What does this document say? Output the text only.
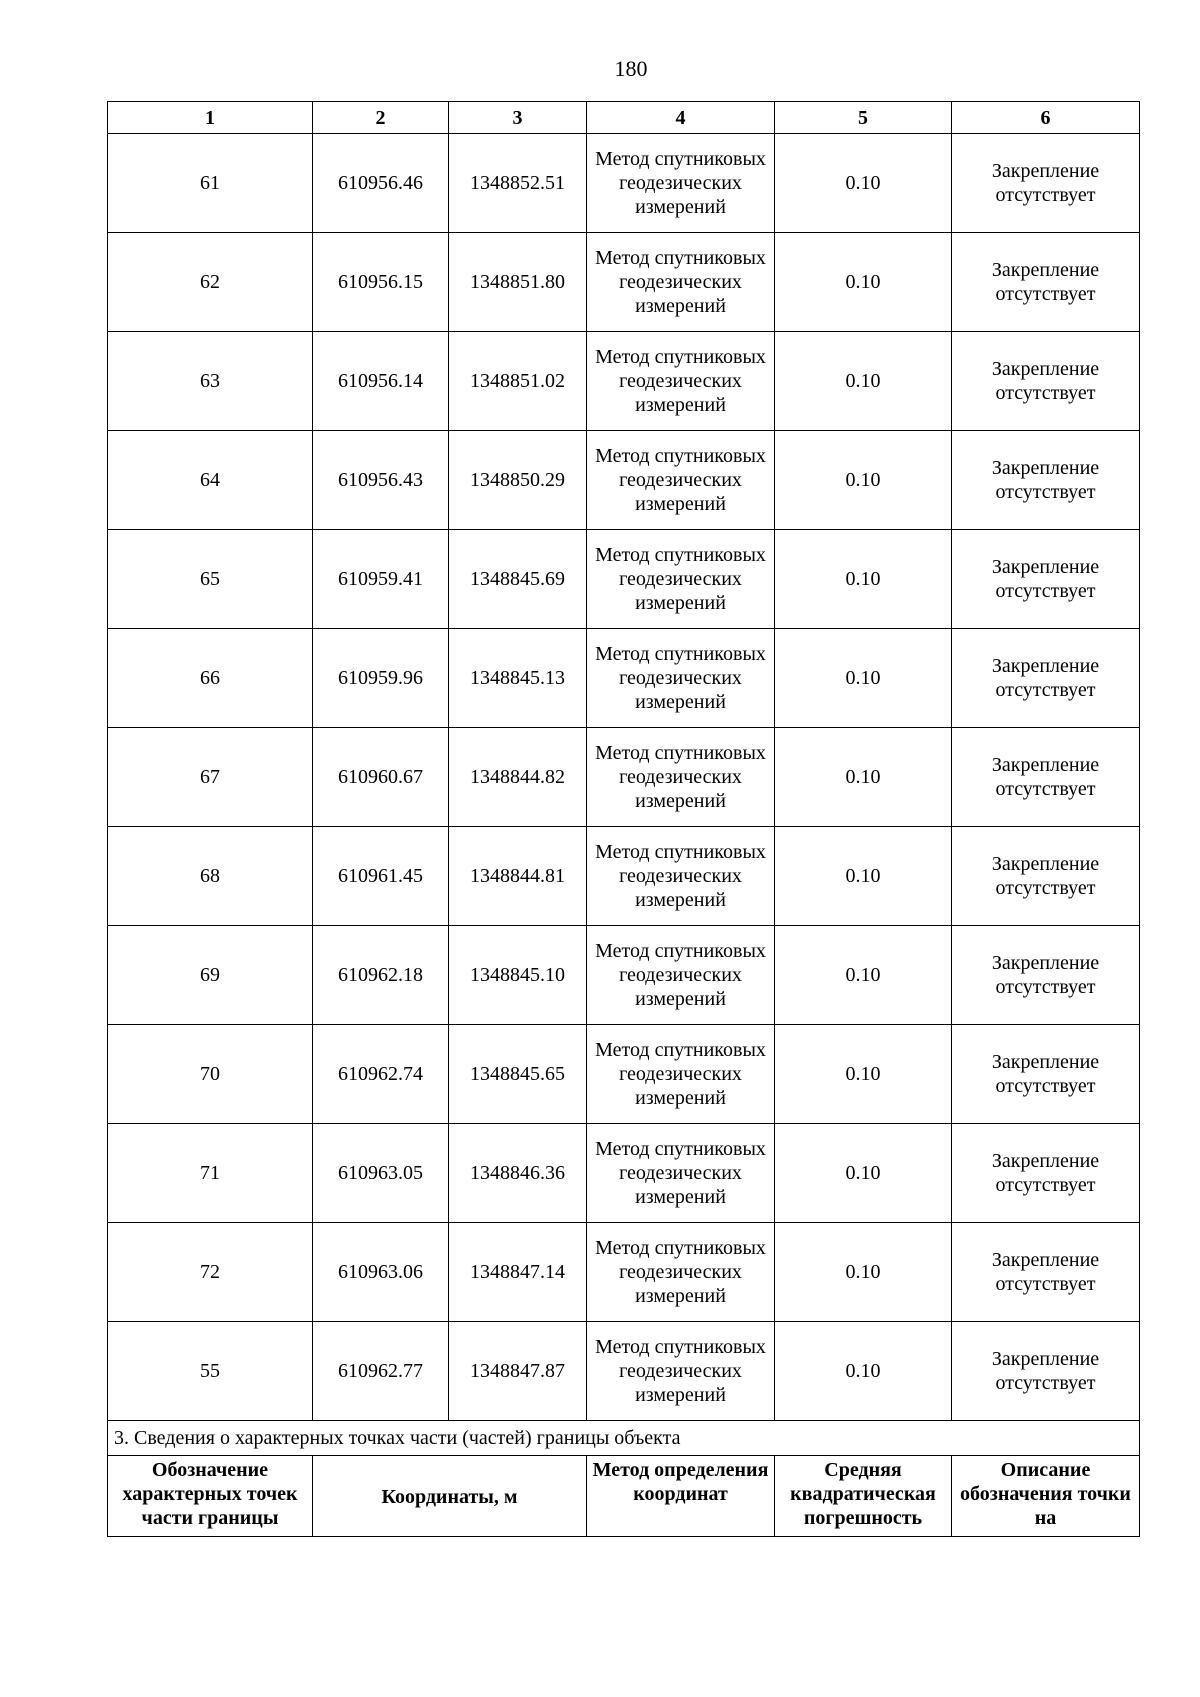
180
1	2	3	4	5	6
61	610956.46	1348852.51	Метод спутниковых геодезических измерений	0.10	Закрепление отсутствует
62	610956.15	1348851.80	Метод спутниковых геодезических измерений	0.10	Закрепление отсутствует
63	610956.14	1348851.02	Метод спутниковых геодезических измерений	0.10	Закрепление отсутствует
64	610956.43	1348850.29	Метод спутниковых геодезических измерений	0.10	Закрепление отсутствует
65	610959.41	1348845.69	Метод спутниковых геодезических измерений	0.10	Закрепление отсутствует
66	610959.96	1348845.13	Метод спутниковых геодезических измерений	0.10	Закрепление отсутствует
67	610960.67	1348844.82	Метод спутниковых геодезических измерений	0.10	Закрепление отсутствует
68	610961.45	1348844.81	Метод спутниковых геодезических измерений	0.10	Закрепление отсутствует
69	610962.18	1348845.10	Метод спутниковых геодезических измерений	0.10	Закрепление отсутствует
70	610962.74	1348845.65	Метод спутниковых геодезических измерений	0.10	Закрепление отсутствует
71	610963.05	1348846.36	Метод спутниковых геодезических измерений	0.10	Закрепление отсутствует
72	610963.06	1348847.14	Метод спутниковых геодезических измерений	0.10	Закрепление отсутствует
55	610962.77	1348847.87	Метод спутниковых геодезических измерений	0.10	Закрепление отсутствует
3. Сведения о характерных точках части (частей) границы объекта					
Обозначение характерных точек части границы	Координаты, м		Метод определения координат	Средняя квадратическая погрешность	Описание обозначения точки на
